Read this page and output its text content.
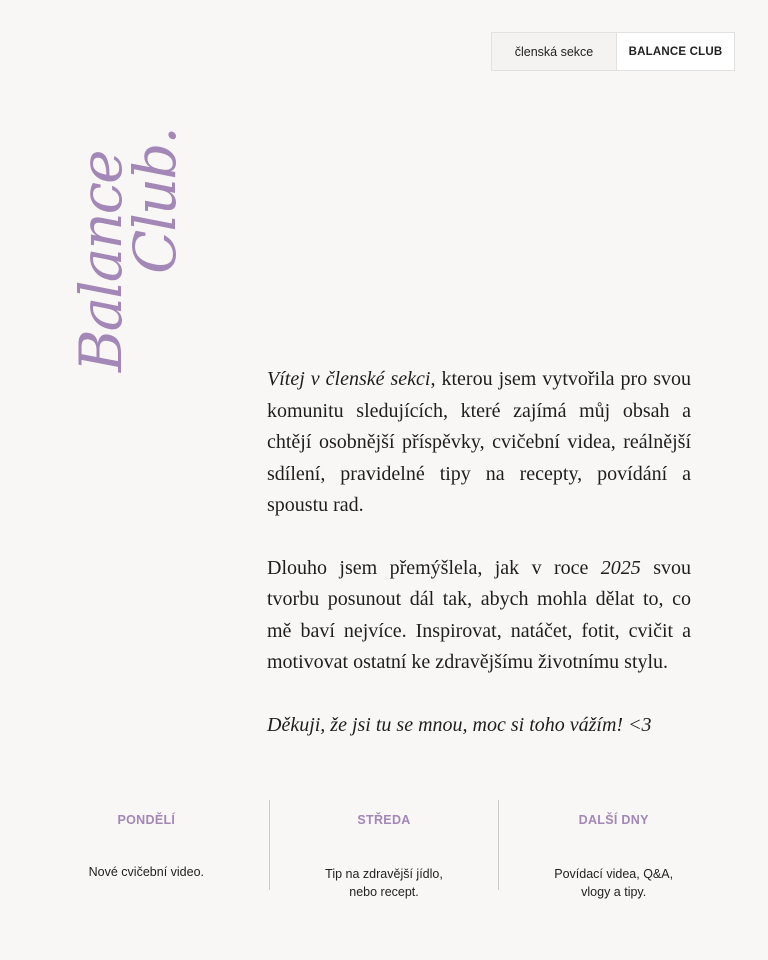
členská sekce	BALANCE CLUB
Balance
Club.

Vítej v členské sekci, kterou jsem vytvořila pro svou komunitu sledujících, které zajímá můj obsah a chtějí osobnější příspěvky, cvičební videa, reálnější sdílení, pravidelné tipy na recepty, povídání a spoustu rad.

Dlouho jsem přemýšlela, jak v roce 2025 svou tvorbu posunout dál tak, abych mohla dělat to, co mě baví nejvíce. Inspirovat, natáčet, fotit, cvičit a motivovat ostatní ke zdravějšímu životnímu stylu.

Děkuji, že jsi tu se mnou, moc si toho vážím! <3

PONDĚLÍ
Nové cvičební video.
STŘEDA
Tip na zdravější jídlo, nebo recept.
DALŠÍ DNY
Povídací videa, Q&A, vlogy a tipy.
